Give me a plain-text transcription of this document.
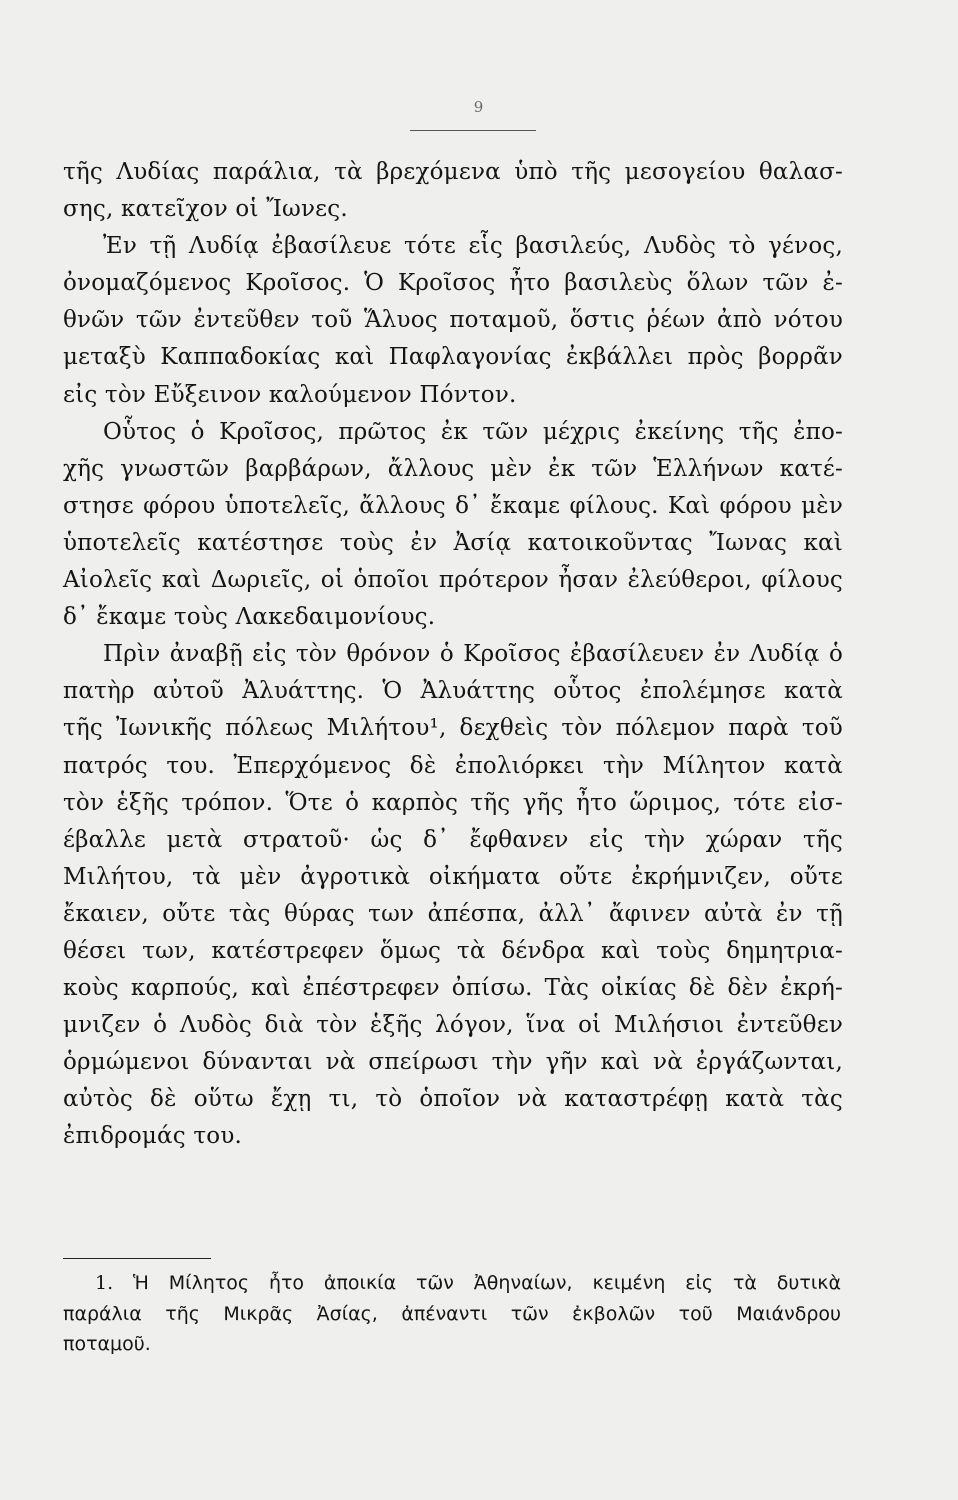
9
τῆς Λυδίας παράλια, τὰ βρεχόμενα ὑπὸ τῆς μεσογείου θαλασ-
σης, κατεῖχον οἱ Ἴωνες.
Ἐν τῇ Λυδίᾳ ἐβασίλευε τότε εἷς βασιλεύς, Λυδὸς τὸ γένος,
ὀνομαζόμενος Κροῖσος. Ὁ Κροῖσος ἦτο βασιλεὺς ὅλων τῶν ἐ-
θνῶν τῶν ἐντεῦθεν τοῦ Ἅλυος ποταμοῦ, ὅστις ῥέων ἀπὸ νότου
μεταξὺ Καππαδοκίας καὶ Παφλαγονίας ἐκβάλλει πρὸς βορρᾶν
εἰς τὸν Εὔξεινον καλούμενον Πόντον.
Οὗτος ὁ Κροῖσος, πρῶτος ἐκ τῶν μέχρις ἐκείνης τῆς ἐπο-
χῆς γνωστῶν βαρβάρων, ἄλλους μὲν ἐκ τῶν Ἑλλήνων κατέ-
στησε φόρου ὑποτελεῖς, ἄλλους δ᾽ ἔκαμε φίλους. Καὶ φόρου μὲν
ὑποτελεῖς κατέστησε τοὺς ἐν Ἀσίᾳ κατοικοῦντας Ἴωνας καὶ
Αἰολεῖς καὶ Δωριεῖς, οἱ ὁποῖοι πρότερον ἦσαν ἐλεύθεροι, φίλους
δ᾽ ἔκαμε τοὺς Λακεδαιμονίους.
Πρὶν ἀναβῇ εἰς τὸν θρόνον ὁ Κροῖσος ἐβασίλευεν ἐν Λυδίᾳ ὁ
πατὴρ αὐτοῦ Ἀλυάττης. Ὁ Ἀλυάττης οὗτος ἐπολέμησε κατὰ
τῆς Ἰωνικῆς πόλεως Μιλήτου¹, δεχθεὶς τὸν πόλεμον παρὰ τοῦ
πατρός του. Ἐπερχόμενος δὲ ἐπολιόρκει τὴν Μίλητον κατὰ
τὸν ἑξῆς τρόπον. Ὅτε ὁ καρπὸς τῆς γῆς ἦτο ὥριμος, τότε εἰσ-
έβαλλε μετὰ στρατοῦ· ὡς δ᾽ ἔφθανεν εἰς τὴν χώραν τῆς
Μιλήτου, τὰ μὲν ἀγροτικὰ οἰκήματα οὔτε ἐκρήμνιζεν, οὔτε
ἔκαιεν, οὔτε τὰς θύρας των ἀπέσπα, ἀλλ᾽ ἄφινεν αὐτὰ ἐν τῇ
θέσει των, κατέστρεφεν ὅμως τὰ δένδρα καὶ τοὺς δημητρια-
κοὺς καρπούς, καὶ ἐπέστρεφεν ὀπίσω. Τὰς οἰκίας δὲ δὲν ἐκρή-
μνιζεν ὁ Λυδὸς διὰ τὸν ἑξῆς λόγον, ἵνα οἱ Μιλήσιοι ἐντεῦθεν
ὁρμώμενοι δύνανται νὰ σπείρωσι τὴν γῆν καὶ νὰ ἐργάζωνται,
αὐτὸς δὲ οὕτω ἔχῃ τι, τὸ ὁποῖον νὰ καταστρέφῃ κατὰ τὰς
ἐπιδρομάς του.
1. Ἡ Μίλητος ἦτο ἀποικία τῶν Ἀθηναίων, κειμένη εἰς τὰ δυτικὰ
παράλια τῆς Μικρᾶς Ἀσίας, ἀπέναντι τῶν ἐκβολῶν τοῦ Μαιάνδρου
ποταμοῦ.
